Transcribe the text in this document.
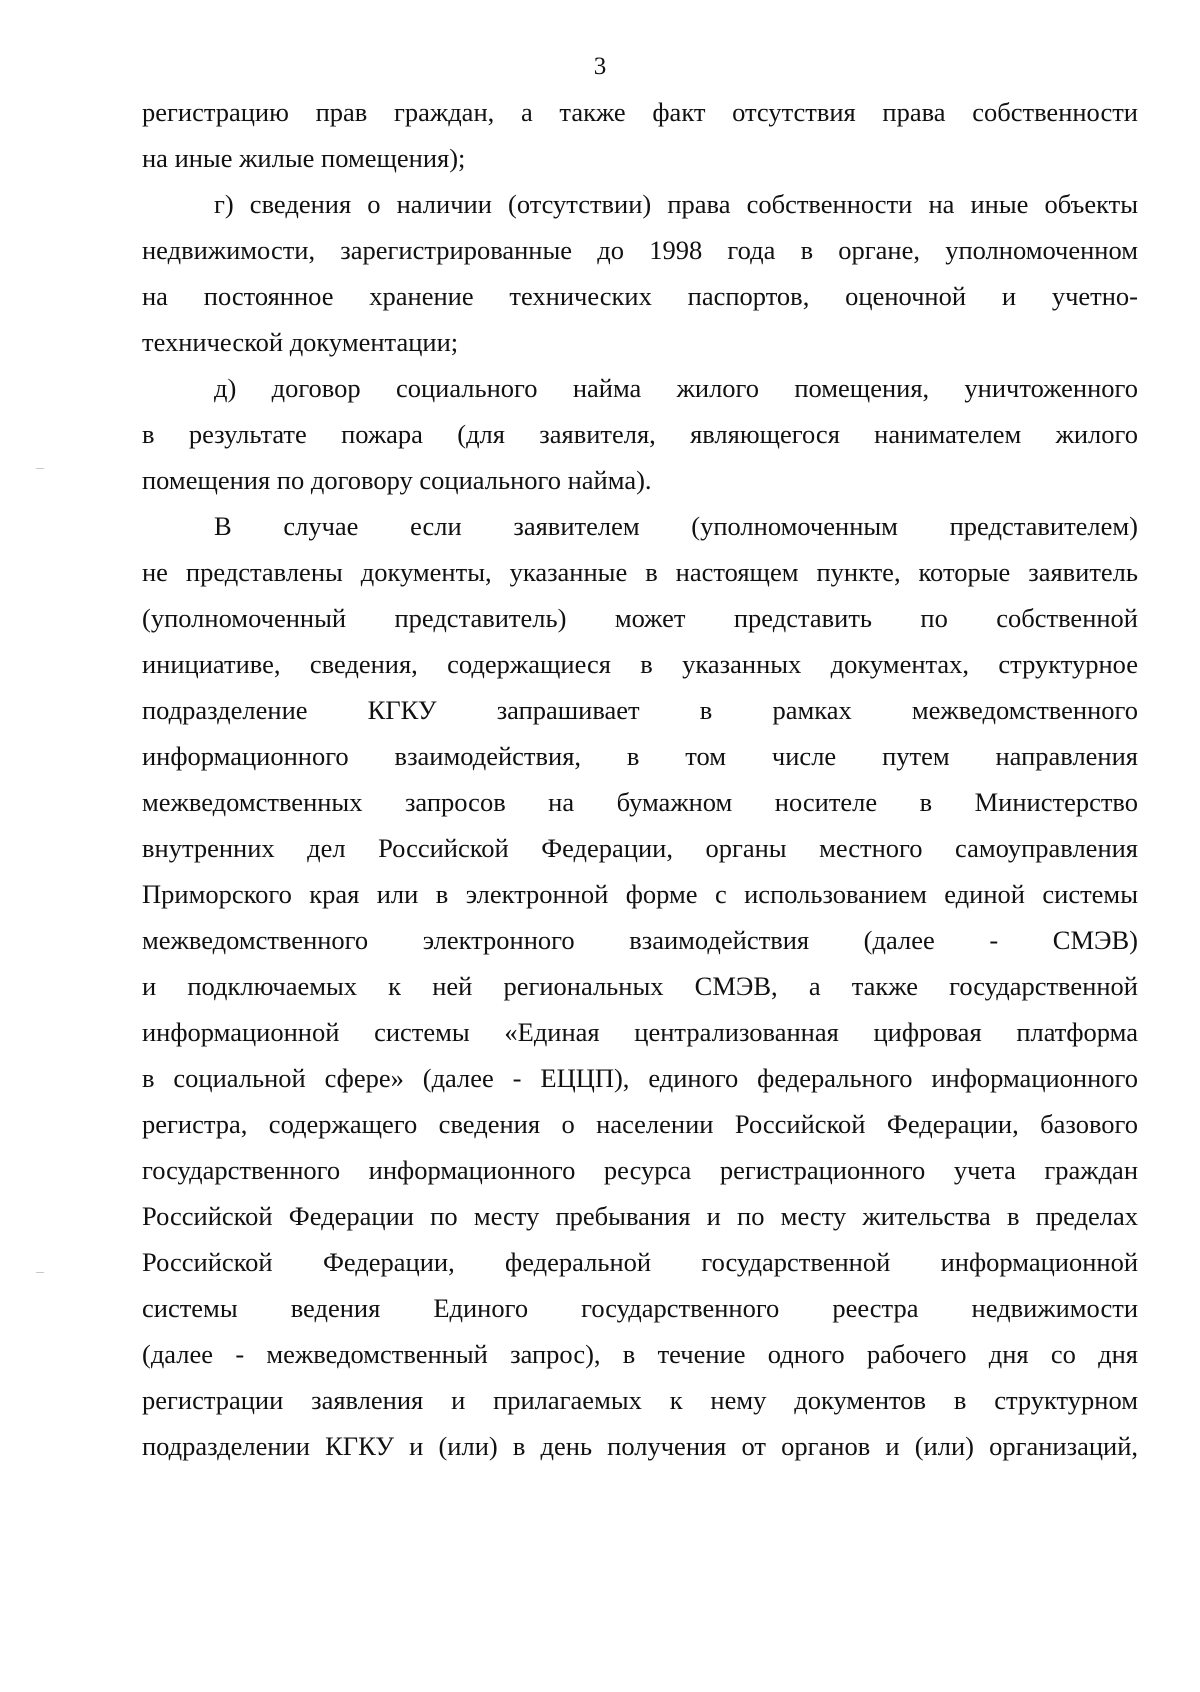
3
регистрацию прав граждан, а также факт отсутствия права собственности
на иные жилые помещения);
г) сведения о наличии (отсутствии) права собственности на иные объекты
недвижимости, зарегистрированные до 1998 года в органе, уполномоченном
на постоянное хранение технических паспортов, оценочной и учетно-
технической документации;
д) договор социального найма жилого помещения, уничтоженного
в результате пожара (для заявителя, являющегося нанимателем жилого
помещения по договору социального найма).
В случае если заявителем (уполномоченным представителем)
не представлены документы, указанные в настоящем пункте, которые заявитель
(уполномоченный представитель) может представить по собственной
инициативе, сведения, содержащиеся в указанных документах, структурное
подразделение КГКУ запрашивает в рамках межведомственного
информационного взаимодействия, в том числе путем направления
межведомственных запросов на бумажном носителе в Министерство
внутренних дел Российской Федерации, органы местного самоуправления
Приморского края или в электронной форме с использованием единой системы
межведомственного электронного взаимодействия (далее - СМЭВ)
и подключаемых к ней региональных СМЭВ, а также государственной
информационной системы «Единая централизованная цифровая платформа
в социальной сфере» (далее - ЕЦЦП), единого федерального информационного
регистра, содержащего сведения о населении Российской Федерации, базового
государственного информационного ресурса регистрационного учета граждан
Российской Федерации по месту пребывания и по месту жительства в пределах
Российской Федерации, федеральной государственной информационной
системы ведения Единого государственного реестра недвижимости
(далее - межведомственный запрос), в течение одного рабочего дня со дня
регистрации заявления и прилагаемых к нему документов в структурном
подразделении КГКУ и (или) в день получения от органов и (или) организаций,
